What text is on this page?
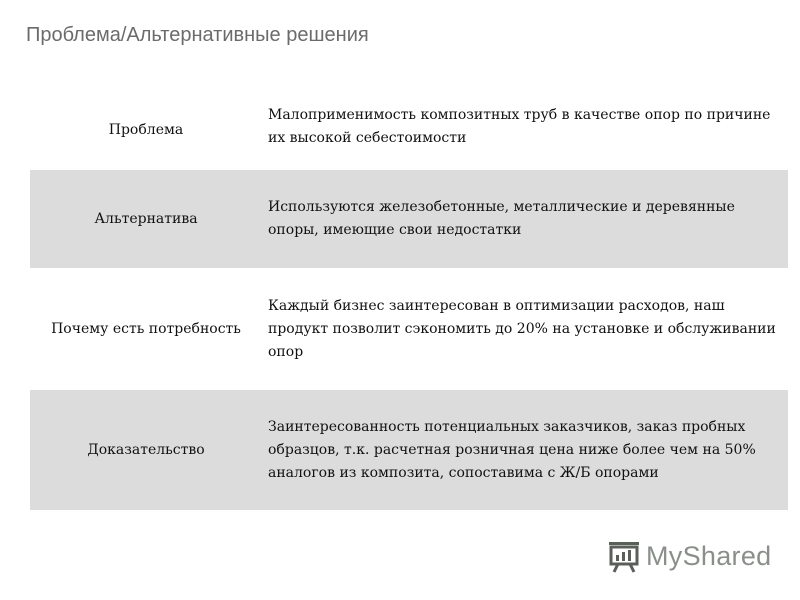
Проблема/Альтернативные решения
Проблема
Малоприменимость композитных труб в качестве опор по причине их высокой себестоимости
Альтернатива
Используются железобетонные, металлические и деревянные опоры, имеющие свои недостатки
Почему есть потребность
Каждый бизнес заинтересован в оптимизации расходов, наш продукт позволит сэкономить до 20% на установке и обслуживании опор
Доказательство
Заинтересованность потенциальных заказчиков, заказ пробных образцов, т.к. расчетная розничная цена ниже более чем на 50% аналогов из композита, сопоставима с Ж/Б опорами
MyShared
